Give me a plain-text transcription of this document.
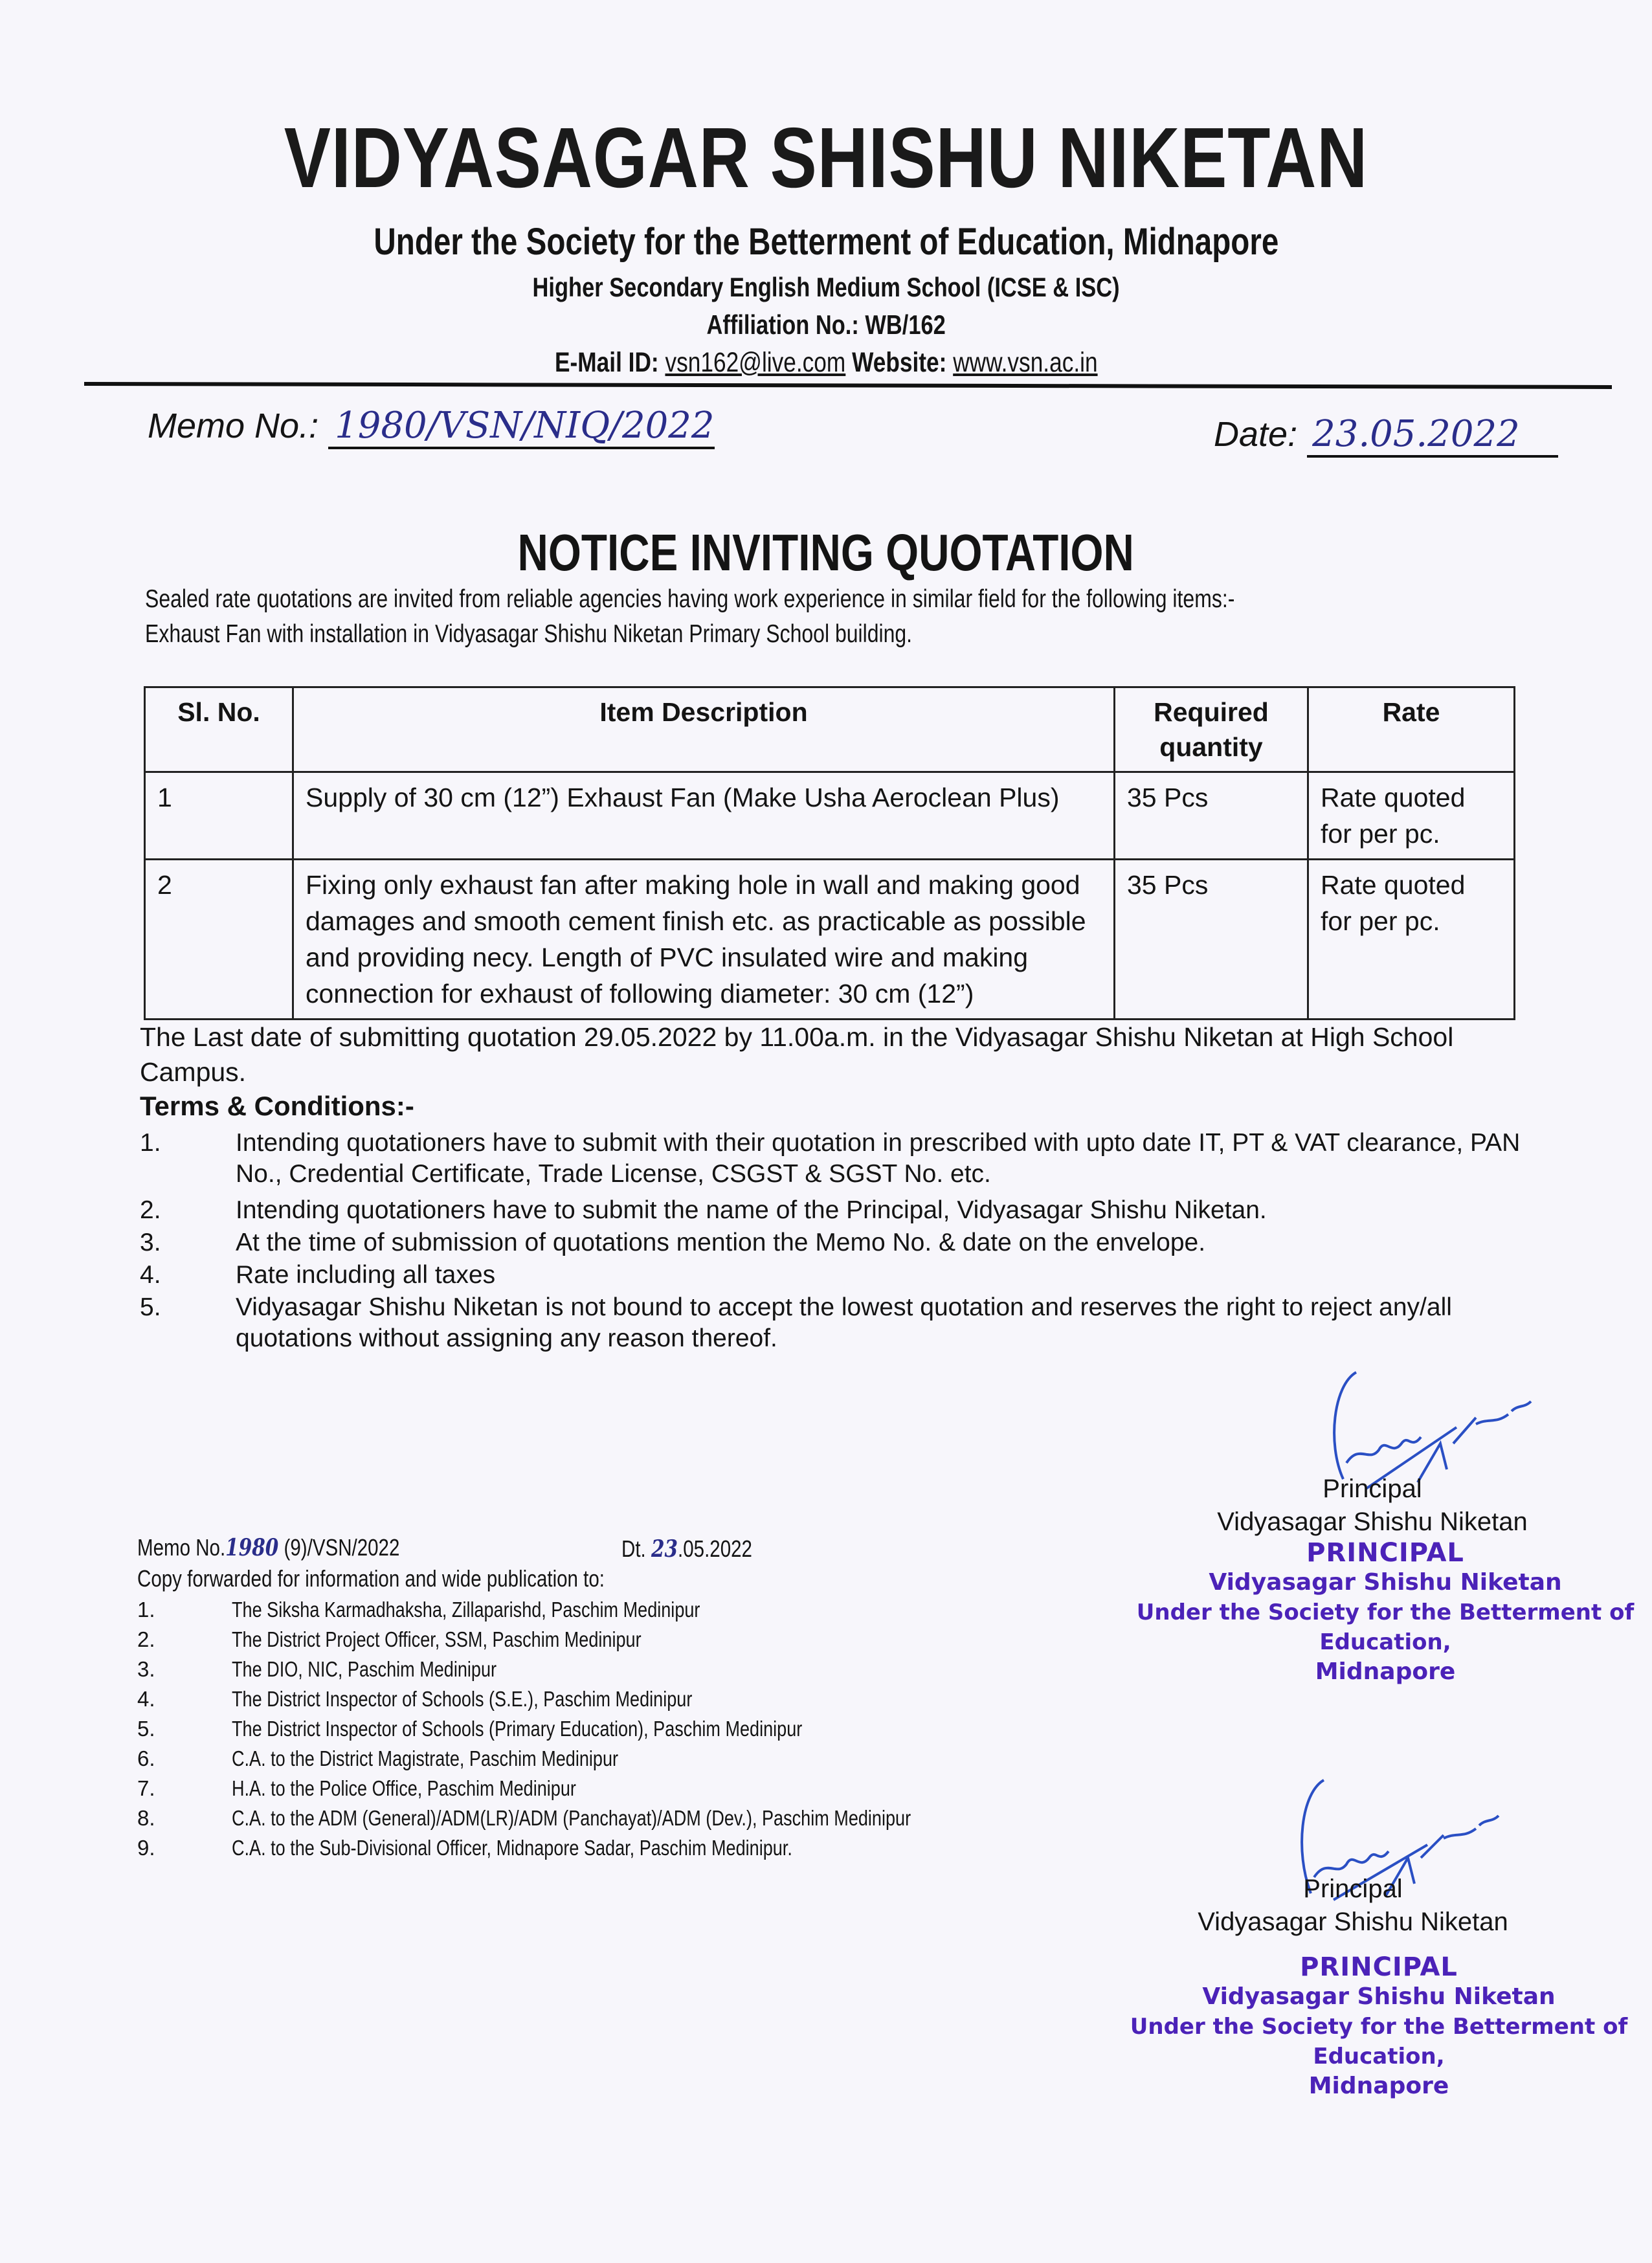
VIDYASAGAR SHISHU NIKETAN
Under the Society for the Betterment of Education, Midnapore
Higher Secondary English Medium School (ICSE & ISC)
Affiliation No.: WB/162
E-Mail ID: vsn162@live.com Website: www.vsn.ac.in
Memo No.: 1980/VSN/NIQ/2022	Date: 23.05.2022
NOTICE INVITING QUOTATION
Sealed rate quotations are invited from reliable agencies having work experience in similar field for the following items:-
Exhaust Fan with installation in Vidyasagar Shishu Niketan Primary School building.
Sl. No.	Item Description	Required quantity	Rate
1	Supply of 30 cm (12”) Exhaust Fan (Make Usha Aeroclean Plus)	35 Pcs	Rate quoted for per pc.
2	Fixing only exhaust fan after making hole in wall and making good damages and smooth cement finish etc. as practicable as possible and providing necy. Length of PVC insulated wire and making connection for exhaust of following diameter: 30 cm (12”)	35 Pcs	Rate quoted for per pc.
The Last date of submitting quotation 29.05.2022 by 11.00a.m. in the Vidyasagar Shishu Niketan at High School Campus.
Terms & Conditions:-
1.	Intending quotationers have to submit with their quotation in prescribed with upto date IT, PT & VAT clearance, PAN No., Credential Certificate, Trade License, CSGST & SGST No. etc.
2.	Intending quotationers have to submit the name of the Principal, Vidyasagar Shishu Niketan.
3.	At the time of submission of quotations mention the Memo No. & date on the envelope.
4.	Rate including all taxes
5.	Vidyasagar Shishu Niketan is not bound to accept the lowest quotation and reserves the right to reject any/all quotations without assigning any reason thereof.
Principal
Vidyasagar Shishu Niketan
PRINCIPAL
Vidyasagar Shishu Niketan
Under the Society for the Betterment of Education,
Midnapore
Memo No.1980 (9)/VSN/2022	Dt. 23.05.2022
Copy forwarded for information and wide publication to:
1.	The Siksha Karmadhaksha, Zillaparishd, Paschim Medinipur
2.	The District Project Officer, SSM, Paschim Medinipur
3.	The DIO, NIC, Paschim Medinipur
4.	The District Inspector of Schools (S.E.), Paschim Medinipur
5.	The District Inspector of Schools (Primary Education), Paschim Medinipur
6.	C.A. to the District Magistrate, Paschim Medinipur
7.	H.A. to the Police Office, Paschim Medinipur
8.	C.A. to the ADM (General)/ADM(LR)/ADM (Panchayat)/ADM (Dev.), Paschim Medinipur
9.	C.A. to the Sub-Divisional Officer, Midnapore Sadar, Paschim Medinipur.
Principal
Vidyasagar Shishu Niketan
PRINCIPAL
Vidyasagar Shishu Niketan
Under the Society for the Betterment of Education,
Midnapore
